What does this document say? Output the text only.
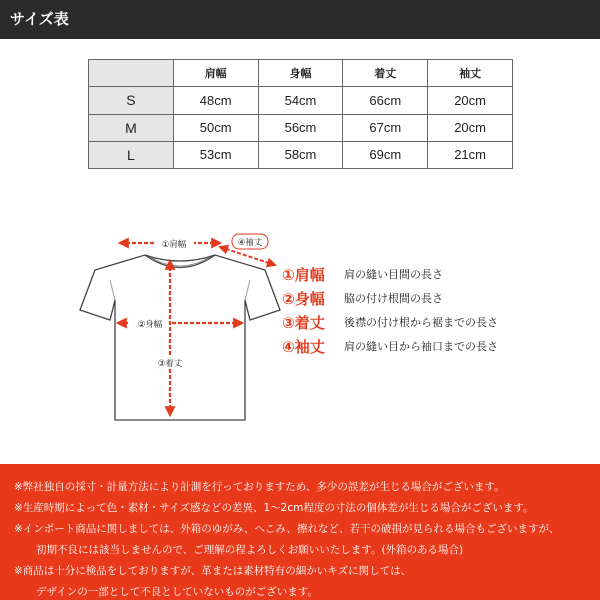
サイズ表
	肩幅	身幅	着丈	袖丈
S	48cm	54cm	66cm	20cm
M	50cm	56cm	67cm	20cm
L	53cm	58cm	69cm	21cm
①肩幅	④袖丈
②身幅
③着丈
①肩幅	肩の縫い目間の長さ
②身幅	脇の付け根間の長さ
③着丈	後襟の付け根から裾までの長さ
④袖丈	肩の縫い目から袖口までの長さ

※弊社独自の採寸・計量方法により計測を行っておりますため、多少の誤差が生じる場合がございます。

※生産時期によって色・素材・サイズ感などの差異、1～2cm程度の寸法の個体差が生じる場合がございます。

※インポート商品に関しましては、外箱のゆがみ、へこみ、擦れなど、若干の破損が見られる場合もございますが、

初期不良には該当しませんので、ご理解の程よろしくお願いいたします。(外箱のある場合)

※商品は十分に検品をしておりますが、革または素材特有の細かいキズに関しては、

デザインの一部として不良としていないものがございます。
